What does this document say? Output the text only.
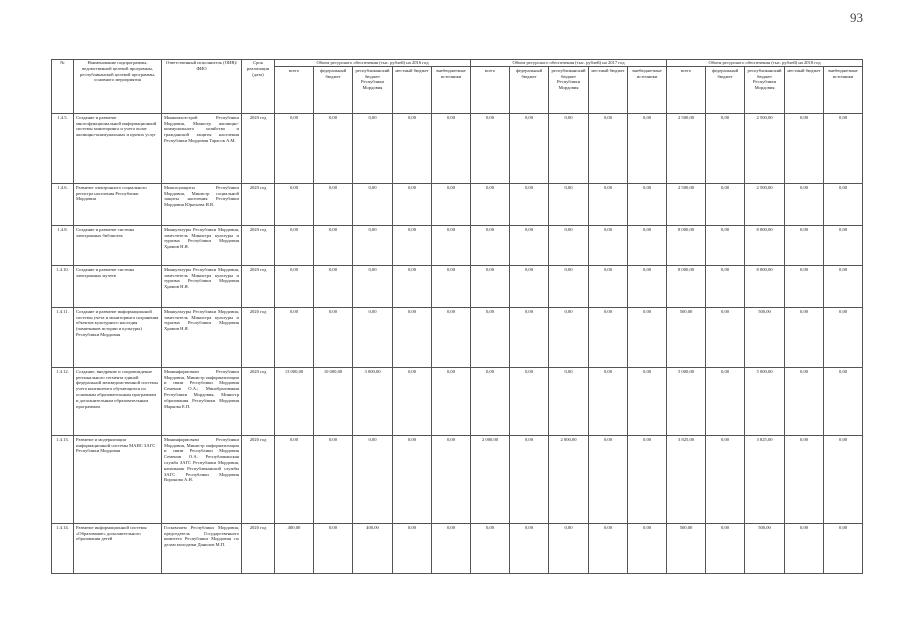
93
№	Наименование подпрограммы, ведомственной целевой программы, республиканской целевой программы, основного мероприятия	Ответственный исполнитель (ОИВ)/ФИО	Срок реализации (дата)	Объем ресурсного обеспечения (тыс. рублей) на 2016 год					Объем ресурсного обеспечения (тыс. рублей) на 2017 год					Объем ресурсного обеспечения (тыс. рублей) на 2018 год				
				всего	федеральный бюджет	республиканский бюджет Республики Мордовия	местный бюджет	внебюджетные источники	всего	федеральный бюджет	республиканский бюджет Республики Мордовия	местный бюджет	внебюджетные источники	всего	федеральный бюджет	республиканский бюджет Республики Мордовия	местный бюджет	внебюджетные источники
1.4.5.	Создание и развитие многофункциональной информационной системы мониторинга и учета оплат жилищно-коммунальных и прочих услуг	Минкомхозстрой Республики Мордовия, Министр жилищно-коммунального хозяйства и гражданской защиты населения Республики Мордовия Тарасов А.М.	2020 год	0,00	0,00	0,00	0,00	0,00	0,00	0,00	0,00	0,00	0,00	2 500,00	0,00	2 500,00	0,00	0,00
1.4.6.	Развитие электронного социального регистра населения Республики Мордовия	Минсоцзащиты Республики Мордовия, Министр социальной защиты населения Республики Мордовия Юрасьева И.В.	2020 год	0,00	0,00	0,00	0,00	0,00	0,00	0,00	0,00	0,00	0,00	2 500,00	0,00	2 500,00	0,00	0,00
1.4.8.	Создание и развитие системы электронных библиотек	Минкультуры Республики Мордовия, заместитель Министра культуры и туризма Республики Мордовия Храмов Н.Я.	2020 год	0,00	0,00	0,00	0,00	0,00	0,00	0,00	0,00	0,00	0,00	8 000,00	0,00	8 000,00	0,00	0,00
1.4.10.	Создание и развитие системы электронных музеев	Минкультуры Республики Мордовия, заместитель Министра культуры и туризма Республики Мордовия Храмов Н.Я.	2020 год	0,00	0,00	0,00	0,00	0,00	0,00	0,00	0,00	0,00	0,00	8 000,00	0,00	8 000,00	0,00	0,00
1.4.11.	Создание и развитие информационной системы учета и мониторинга сохранения объектов культурного наследия (памятников истории и культуры) Республики Мордовия	Минкультуры Республики Мордовия, заместитель Министра культуры и туризма Республики Мордовия Храмов Н.Я.	2020 год	0,00	0,00	0,00	0,00	0,00	0,00	0,00	0,00	0,00	0,00	500,00	0,00	500,00	0,00	0,00
1.4.12.	Создание, внедрение и сопровождение регионального сегмента единой федеральной межведомственной системы учета контингента обучающихся по основным образовательным программам и дополнительным образовательным программам	Мининформсвязи Республики Мордовия, Министр информатизации и связи Республики Мордовия Семенов О.А.; Минобразования Республики Мордовия, Министр образования Республики Мордовия Маркова Е.П.	2020 год	13 000,00	10 000,00	3 000,00	0,00	0,00	0,00	0,00	0,00	0,00	0,00	5 000,00	0,00	5 000,00	0,00	0,00
1.4.13.	Развитие и модернизация информационной системы МАИС ЗАГС Республики Мордовия	Мининформсвязи Республики Мордовия, Министр информатизации и связи Республики Мордовия Семенов О.А. Республиканская служба ЗАГС Республики Мордовия, начальник Республиканской службы ЗАГС Республики Мордовия Воронова А.Н.	2020 год	0,00	0,00	0,00	0,00	0,00	2 000,00	0,00	2 000,00	0,00	0,00	3 825,00	0,00	3 825,00	0,00	0,00
1.4.14.	Развитие информационной системы «Образование» дополнительного образования детей	Госкомзаем Республики Мордовия, председатель Государственного комитета Республики Мордовия по делам молодежи Данилов М.П.	2020 год	400,00	0,00	400,00	0,00	0,00	0,00	0,00	0,00	0,00	0,00	500,00	0,00	500,00	0,00	0,00
